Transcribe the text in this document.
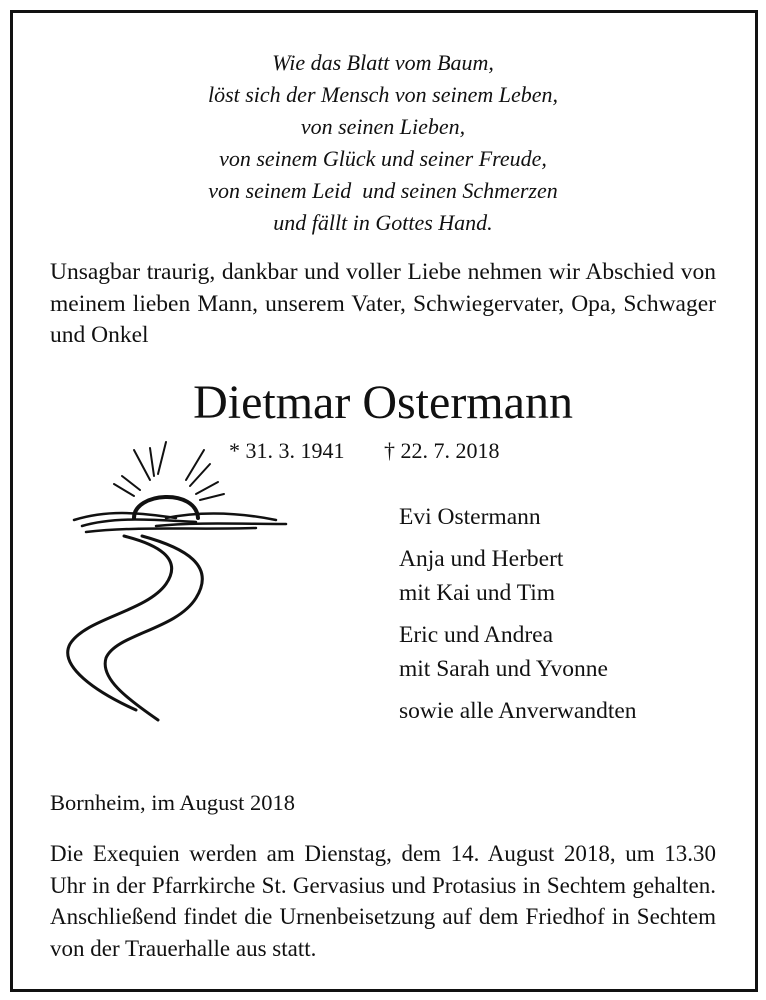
Wie das Blatt vom Baum,
löst sich der Mensch von seinem Leben,
von seinen Lieben,
von seinem Glück und seiner Freude,
von seinem Leid  und seinen Schmerzen
und fällt in Gottes Hand.
Unsagbar traurig, dankbar und voller Liebe nehmen wir Abschied von meinem lieben Mann, unserem Vater, Schwiegervater, Opa, Schwager und Onkel
Dietmar Ostermann
* 31. 3. 1941 † 22. 7. 2018
Evi Ostermann
Anja und Herbert
mit Kai und Tim
Eric und Andrea
mit Sarah und Yvonne
sowie alle Anverwandten
Bornheim, im August 2018
Die Exequien werden am Dienstag, dem 14. August 2018, um 13.30 Uhr in der Pfarrkirche St. Gervasius und Protasius in Sechtem gehalten. Anschließend findet die Urnenbeisetzung auf dem Friedhof in Sechtem von der Trauerhalle aus statt.
